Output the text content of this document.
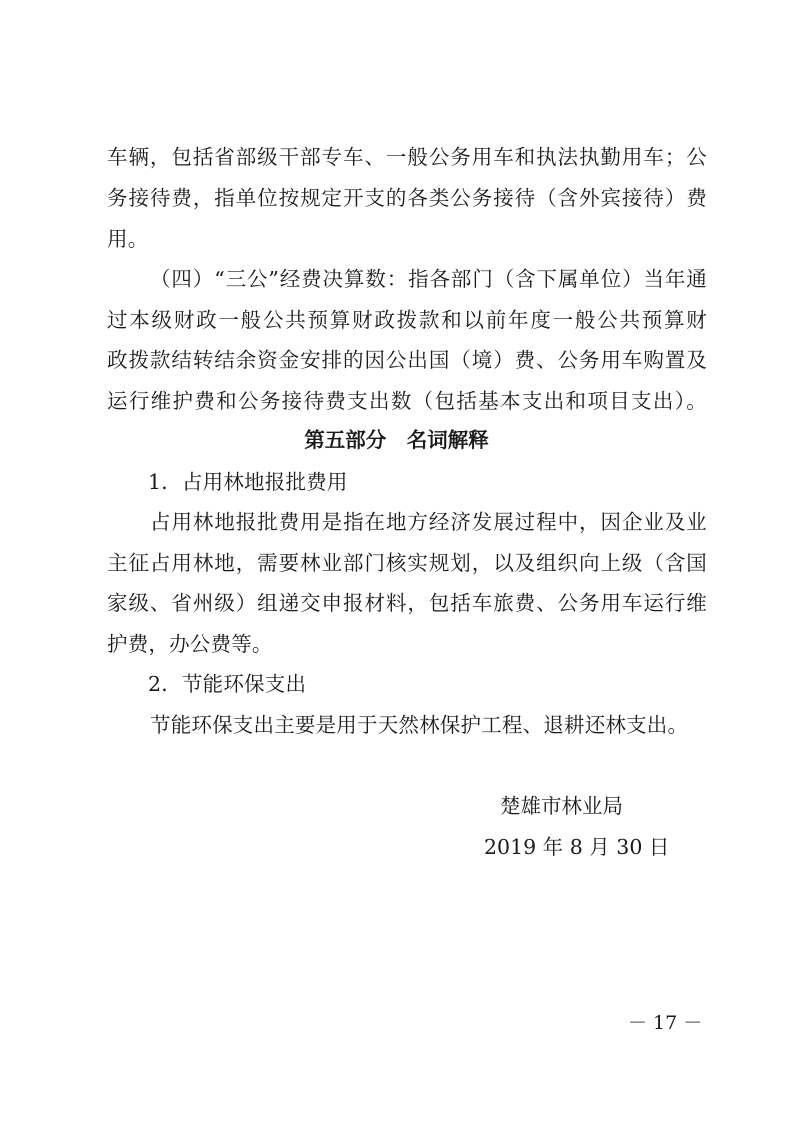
车辆，包括省部级干部专车、一般公务用车和执法执勤用车；公
务接待费，指单位按规定开支的各类公务接待（含外宾接待）费
用。
（四）“三公”经费决算数：指各部门（含下属单位）当年通
过本级财政一般公共预算财政拨款和以前年度一般公共预算财
政拨款结转结余资金安排的因公出国（境）费、公务用车购置及
运行维护费和公务接待费支出数（包括基本支出和项目支出）。
第五部分　名词解释
1．占用林地报批费用
占用林地报批费用是指在地方经济发展过程中，因企业及业
主征占用林地，需要林业部门核实规划，以及组织向上级（含国
家级、省州级）组递交申报材料，包括车旅费、公务用车运行维
护费，办公费等。
2．节能环保支出
节能环保支出主要是用于天然林保护工程、退耕还林支出。
楚雄市林业局
2019 年 8 月 30 日
－ 17 －
